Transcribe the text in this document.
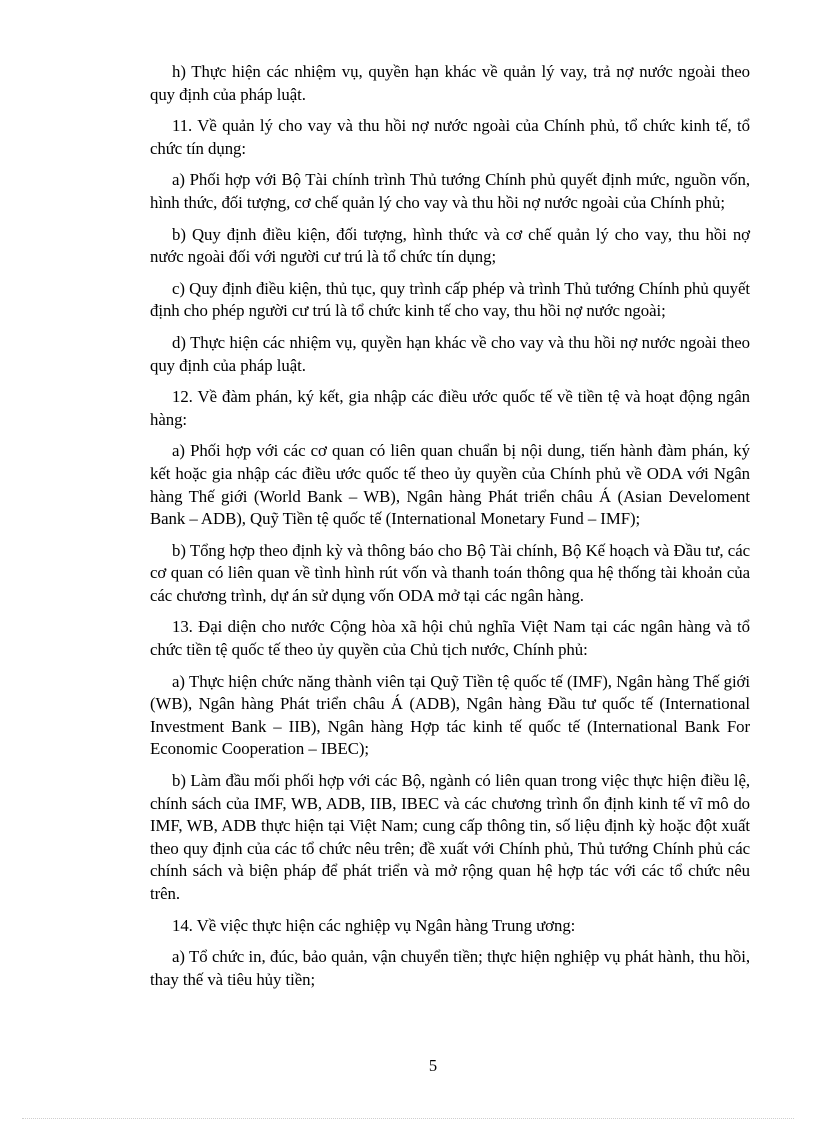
h) Thực hiện các nhiệm vụ, quyền hạn khác về quản lý vay, trả nợ nước ngoài theo quy định của pháp luật.

11. Về quản lý cho vay và thu hồi nợ nước ngoài của Chính phủ, tổ chức kinh tế, tổ chức tín dụng:

a) Phối hợp với Bộ Tài chính trình Thủ tướng Chính phủ quyết định mức, nguồn vốn, hình thức, đối tượng, cơ chế quản lý cho vay và thu hồi nợ nước ngoài của Chính phủ;

b) Quy định điều kiện, đối tượng, hình thức và cơ chế quản lý cho vay, thu hồi nợ nước ngoài đối với người cư trú là tổ chức tín dụng;

c) Quy định điều kiện, thủ tục, quy trình cấp phép và trình Thủ tướng Chính phủ quyết định cho phép người cư trú là tổ chức kinh tế cho vay, thu hồi nợ nước ngoài;

d) Thực hiện các nhiệm vụ, quyền hạn khác về cho vay và thu hồi nợ nước ngoài theo quy định của pháp luật.

12. Về đàm phán, ký kết, gia nhập các điều ước quốc tế về tiền tệ và hoạt động ngân hàng:

a) Phối hợp với các cơ quan có liên quan chuẩn bị nội dung, tiến hành đàm phán, ký kết hoặc gia nhập các điều ước quốc tế theo ủy quyền của Chính phủ về ODA với Ngân hàng Thế giới (World Bank – WB), Ngân hàng Phát triển châu Á (Asian Develoment Bank – ADB), Quỹ Tiền tệ quốc tế (International Monetary Fund – IMF);

b) Tổng hợp theo định kỳ và thông báo cho Bộ Tài chính, Bộ Kế hoạch và Đầu tư, các cơ quan có liên quan về tình hình rút vốn và thanh toán thông qua hệ thống tài khoản của các chương trình, dự án sử dụng vốn ODA mở tại các ngân hàng.

13. Đại diện cho nước Cộng hòa xã hội chủ nghĩa Việt Nam tại các ngân hàng và tổ chức tiền tệ quốc tế theo ủy quyền của Chủ tịch nước, Chính phủ:

a) Thực hiện chức năng thành viên tại Quỹ Tiền tệ quốc tế (IMF), Ngân hàng Thế giới (WB), Ngân hàng Phát triển châu Á (ADB), Ngân hàng Đầu tư quốc tế (International Investment Bank – IIB), Ngân hàng Hợp tác kinh tế quốc tế (International Bank For Economic Cooperation – IBEC);

b) Làm đầu mối phối hợp với các Bộ, ngành có liên quan trong việc thực hiện điều lệ, chính sách của IMF, WB, ADB, IIB, IBEC và các chương trình ổn định kinh tế vĩ mô do IMF, WB, ADB thực hiện tại Việt Nam; cung cấp thông tin, số liệu định kỳ hoặc đột xuất theo quy định của các tổ chức nêu trên; đề xuất với Chính phủ, Thủ tướng Chính phủ các chính sách và biện pháp để phát triển và mở rộng quan hệ hợp tác với các tổ chức nêu trên.

14. Về việc thực hiện các nghiệp vụ Ngân hàng Trung ương:

a) Tổ chức in, đúc, bảo quản, vận chuyển tiền; thực hiện nghiệp vụ phát hành, thu hồi, thay thế và tiêu hủy tiền;

5
